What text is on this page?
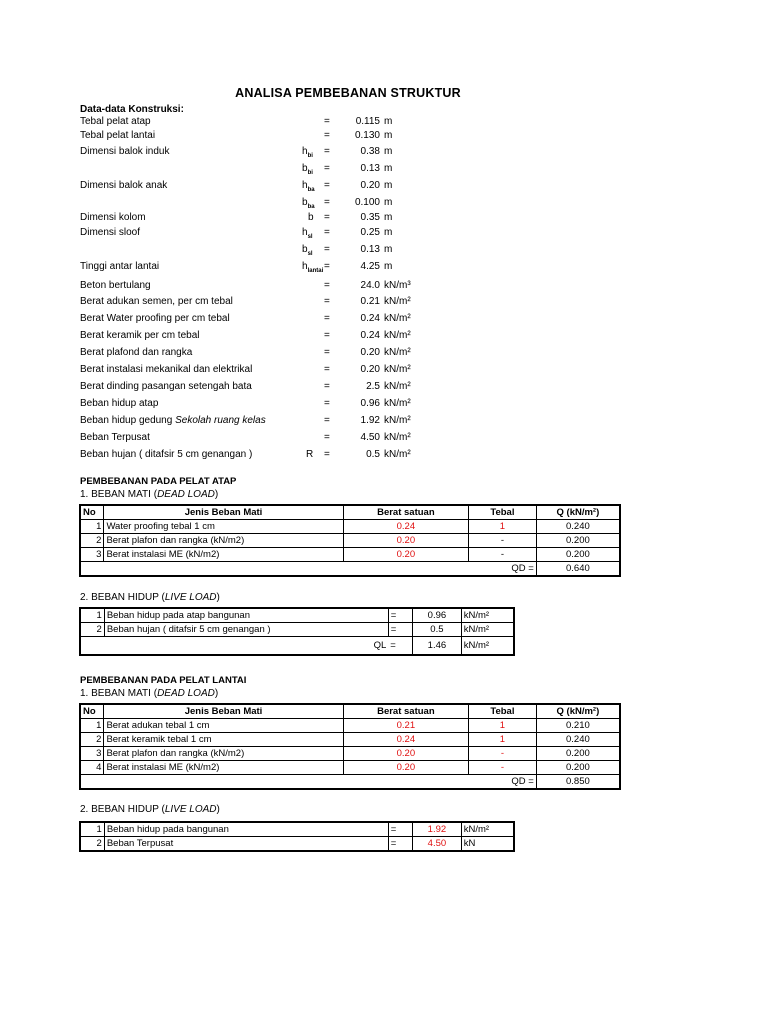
ANALISA PEMBEBANAN STRUKTUR
Data-data Konstruksi:
Tebal pelat atap	=	0.115 m
Tebal pelat lantai	=	0.130 m
Dimensi balok induk	$h_{bi}$ =	0.38 m
$b_{bi}$ =	0.13 m
Dimensi balok anak	$h_{ba}$ =	0.20 m
$b_{ba}$ =	0.100 m
Dimensi kolom	b =	0.35 m
Dimensi sloof	$h_{sl}$ =	0.25 m
$b_{sl}$ =	0.13 m
Tinggi antar lantai	$h_{lantai}$ =	4.25 m
Beton bertulang	=	24.0 kN/m³
Berat adukan semen, per cm tebal	=	0.21 kN/m²
Berat Water proofing per cm tebal	=	0.24 kN/m²
Berat keramik per cm tebal	=	0.24 kN/m²
Berat plafond dan rangka	=	0.20 kN/m²
Berat instalasi mekanikal dan elektrikal	=	0.20 kN/m²
Berat dinding pasangan setengah bata	=	2.5 kN/m²
Beban hidup atap	=	0.96 kN/m²
Beban hidup gedung Sekolah ruang kelas	=	1.92 kN/m²
Beban Terpusat	=	4.50 kN/m²
Beban hujan ( ditafsir 5 cm genangan )	R =	0.5 kN/m²
PEMBEBANAN PADA PELAT ATAP
1. BEBAN MATI (DEAD LOAD)
No	Jenis Beban Mati	Berat satuan	Tebal	Q (kN/m²)
1	Water proofing tebal 1 cm	0.24	1	0.240
2	Berat plafon dan rangka (kN/m2)	0.20	-	0.200
3	Berat instalasi ME (kN/m2)	0.20	-	0.200
			QD =	0.640
2. BEBAN HIDUP (LIVE LOAD)
1	Beban hidup pada atap bangunan	=	0.96	kN/m²
2	Beban hujan ( ditafsir 5 cm genangan )	=	0.5	kN/m²
QL		=	1.46	kN/m²
PEMBEBANAN PADA PELAT LANTAI
1. BEBAN MATI (DEAD LOAD)
No	Jenis Beban Mati	Berat satuan	Tebal	Q (kN/m²)
1	Berat adukan tebal 1 cm	0.21	1	0.210
2	Berat keramik tebal 1 cm	0.24	1	0.240
3	Berat plafon dan rangka (kN/m2)	0.20	-	0.200
4	Berat instalasi ME (kN/m2)	0.20	-	0.200
			QD =	0.850
2. BEBAN HIDUP (LIVE LOAD)
1	Beban hidup pada bangunan	=	1.92	kN/m²
2	Beban Terpusat	=	4.50	kN
